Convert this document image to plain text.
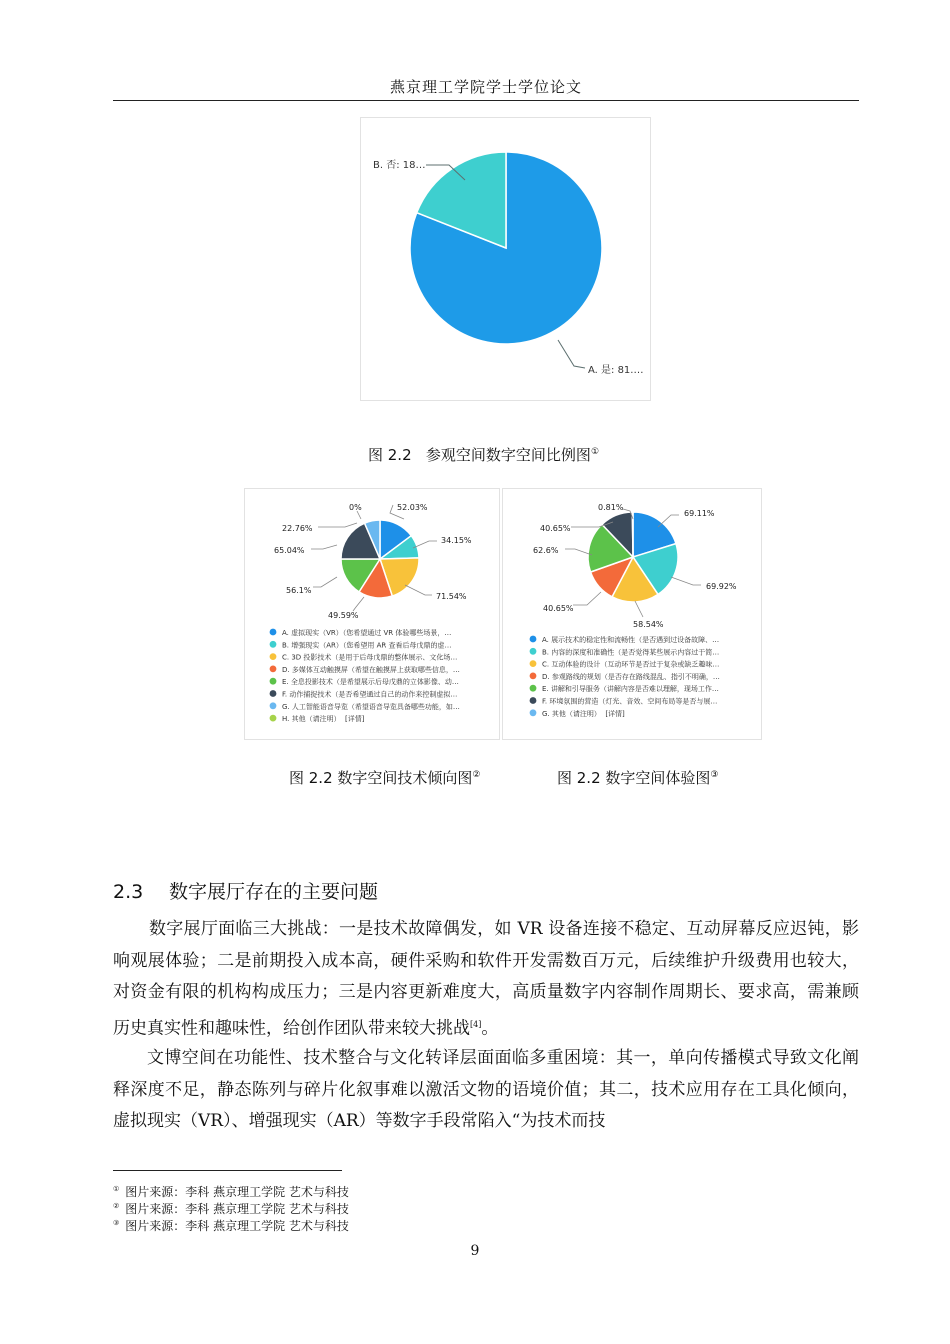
燕京理工学院学士学位论文
B. 否: 18…
A. 是: 81.…
图 2.2   参观空间数字空间比例图①
52.03%
34.15%
71.54%
49.59%
56.1%
65.04%
22.76%
0%
A. 虚拟现实（VR）（您希望通过 VR 体验哪些场景，…
B. 增强现实（AR）（您希望用 AR 查看后母戊鼎的虚…
C. 3D 投影技术（是用于后母戊鼎的整体展示、文化场…
D. 多媒体互动触摸屏（希望在触摸屏上获取哪些信息，…
E. 全息投影技术（是希望展示后母戊鼎的立体影像、动…
F. 动作捕捉技术（是否希望通过自己的动作来控制虚拟…
G. 人工智能语音导览（希望语音导览具备哪些功能，如…
H. 其他（请注明）  [详情]
69.11%
69.92%
58.54%
40.65%
62.6%
40.65%
0.81%
A. 展示技术的稳定性和流畅性（是否遇到过设备故障、…
B. 内容的深度和准确性（是否觉得某些展示内容过于简…
C. 互动体验的设计（互动环节是否过于复杂或缺乏趣味…
D. 参观路线的规划（是否存在路线混乱、指引不明确，…
E. 讲解和引导服务（讲解内容是否难以理解，现场工作…
F. 环境氛围的营造（灯光、音效、空间布局等是否与展…
G. 其他（请注明）  [详情]
图 2.2 数字空间技术倾向图②	图 2.2 数字空间体验图③
2.3 数字展厅存在的主要问题
数字展厅面临三大挑战：一是技术故障偶发，如 VR 设备连接不稳定、互动屏幕反应迟钝，影响观展体验；二是前期投入成本高，硬件采购和软件开发需数百万元，后续维护升级费用也较大，对资金有限的机构构成压力；三是内容更新难度大，高质量数字内容制作周期长、要求高，需兼顾历史真实性和趣味性，给创作团队带来较大挑战[4]。
文博空间在功能性、技术整合与文化转译层面面临多重困境：其一，单向传播模式导致文化阐释深度不足，静态陈列与碎片化叙事难以激活文物的语境价值；其二，技术应用存在工具化倾向，虚拟现实（VR）、增强现实（AR）等数字手段常陷入“为技术而技
① 图片来源：李科 燕京理工学院 艺术与科技
② 图片来源：李科 燕京理工学院 艺术与科技
③ 图片来源：李科 燕京理工学院 艺术与科技
9
